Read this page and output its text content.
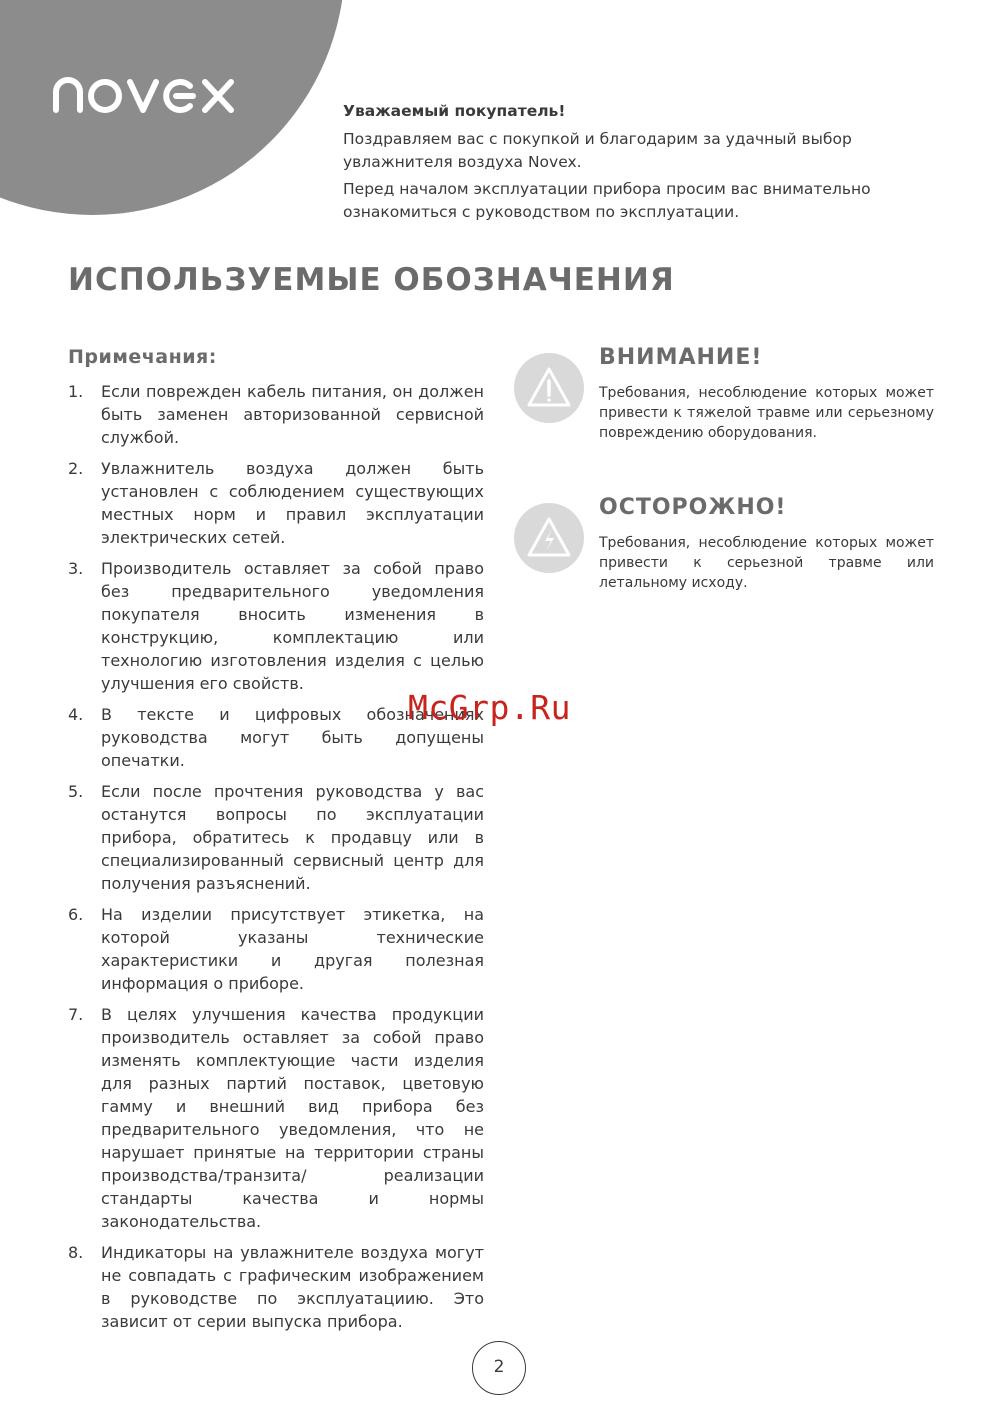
Уважаемый покупатель!

Поздравляем вас с покупкой и благодарим за удачный выбор увлажнителя воздуха Novex.

Перед началом эксплуатации прибора просим вас внимательно ознакомиться с руководством по эксплуатации.

ИСПОЛЬЗУЕМЫЕ ОБОЗНАЧЕНИЯ
Примечания:
1.	Если поврежден кабель питания, он должен быть заменен авторизованной сервисной службой.
2.	Увлажнитель воздуха должен быть установлен с соблюдением существующих местных норм и правил эксплуатации электрических сетей.
3.	Производитель оставляет за собой право без предварительного уведомления покупателя вносить изменения в конструкцию, комплектацию или технологию изготовления изделия с целью улучшения его свойств.
4.	В тексте и цифровых обозначениях руководства могут быть допущены опечатки.
5.	Если после прочтения руководства у вас останутся вопросы по эксплуатации прибора, обратитесь к продавцу или в специализированный сервисный центр для получения разъяснений.
6.	На изделии присутствует этикетка, на которой указаны технические характеристики и другая полезная информация о приборе.
7.	В целях улучшения качества продукции производитель оставляет за собой право изменять комплектующие части изделия для разных партий поставок, цветовую гамму и внешний вид прибора без предварительного уведомления, что не нарушает принятые на территории страны производства/транзита/ реализации стандарты качества и нормы законодательства.
8.	Индикаторы на увлажнителе воздуха могут не совпадать с графическим изображением в руководстве по эксплуатациию. Это зависит от серии выпуска прибора.
ВНИМАНИЕ!
Требования, несоблюдение которых может привести к тяжелой травме или серьезному повреждению оборудования.
ОСТОРОЖНО!
Требования, несоблюдение которых может привести к серьезной травме или летальному исходу.
McGrp.Ru
2
